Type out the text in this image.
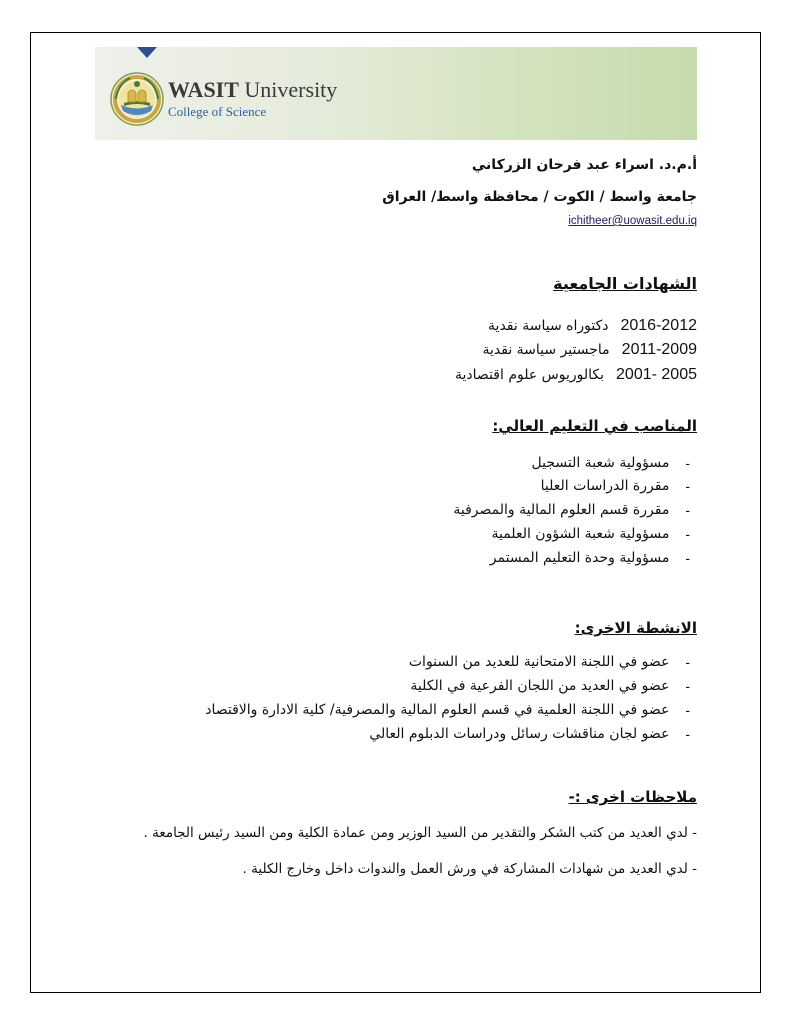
WASIT University
College of Science
أ.م.د. اسراء عبد فرحان الزركاني
جامعة واسط / الكوت / محافظة واسط/ العراق
ichitheer@uowasit.edu.iq
الشهادات الجامعية
2016-2012
دكتوراه سياسة نقدية
2011-2009
ماجستير سياسة نقدية
2001- 2005
بكالوريوس علوم اقتصادية
المناصب في التعليم العالي:
-
مسؤولية شعبة التسجيل
-
مقررة الدراسات العليا
-
مقررة قسم العلوم المالية والمصرفية
-
مسؤولية شعبة الشؤون العلمية
-
مسؤولية وحدة التعليم المستمر
الانشطة الاخرى:
-
عضو في اللجنة الامتحانية للعديد من السنوات
-
عضو في العديد من اللجان الفرعية في الكلية
-
عضو في اللجنة العلمية في قسم العلوم المالية والمصرفية/ كلية الادارة والاقتصاد
-
عضو لجان مناقشات رسائل ودراسات الدبلوم العالي
ملاحظات اخرى :-
- لدي العديد من كتب الشكر والتقدير من السيد الوزير ومن عمادة الكلية ومن السيد رئيس الجامعة .
- لدي العديد من شهادات المشاركة في ورش العمل والندوات داخل وخارج الكلية .
